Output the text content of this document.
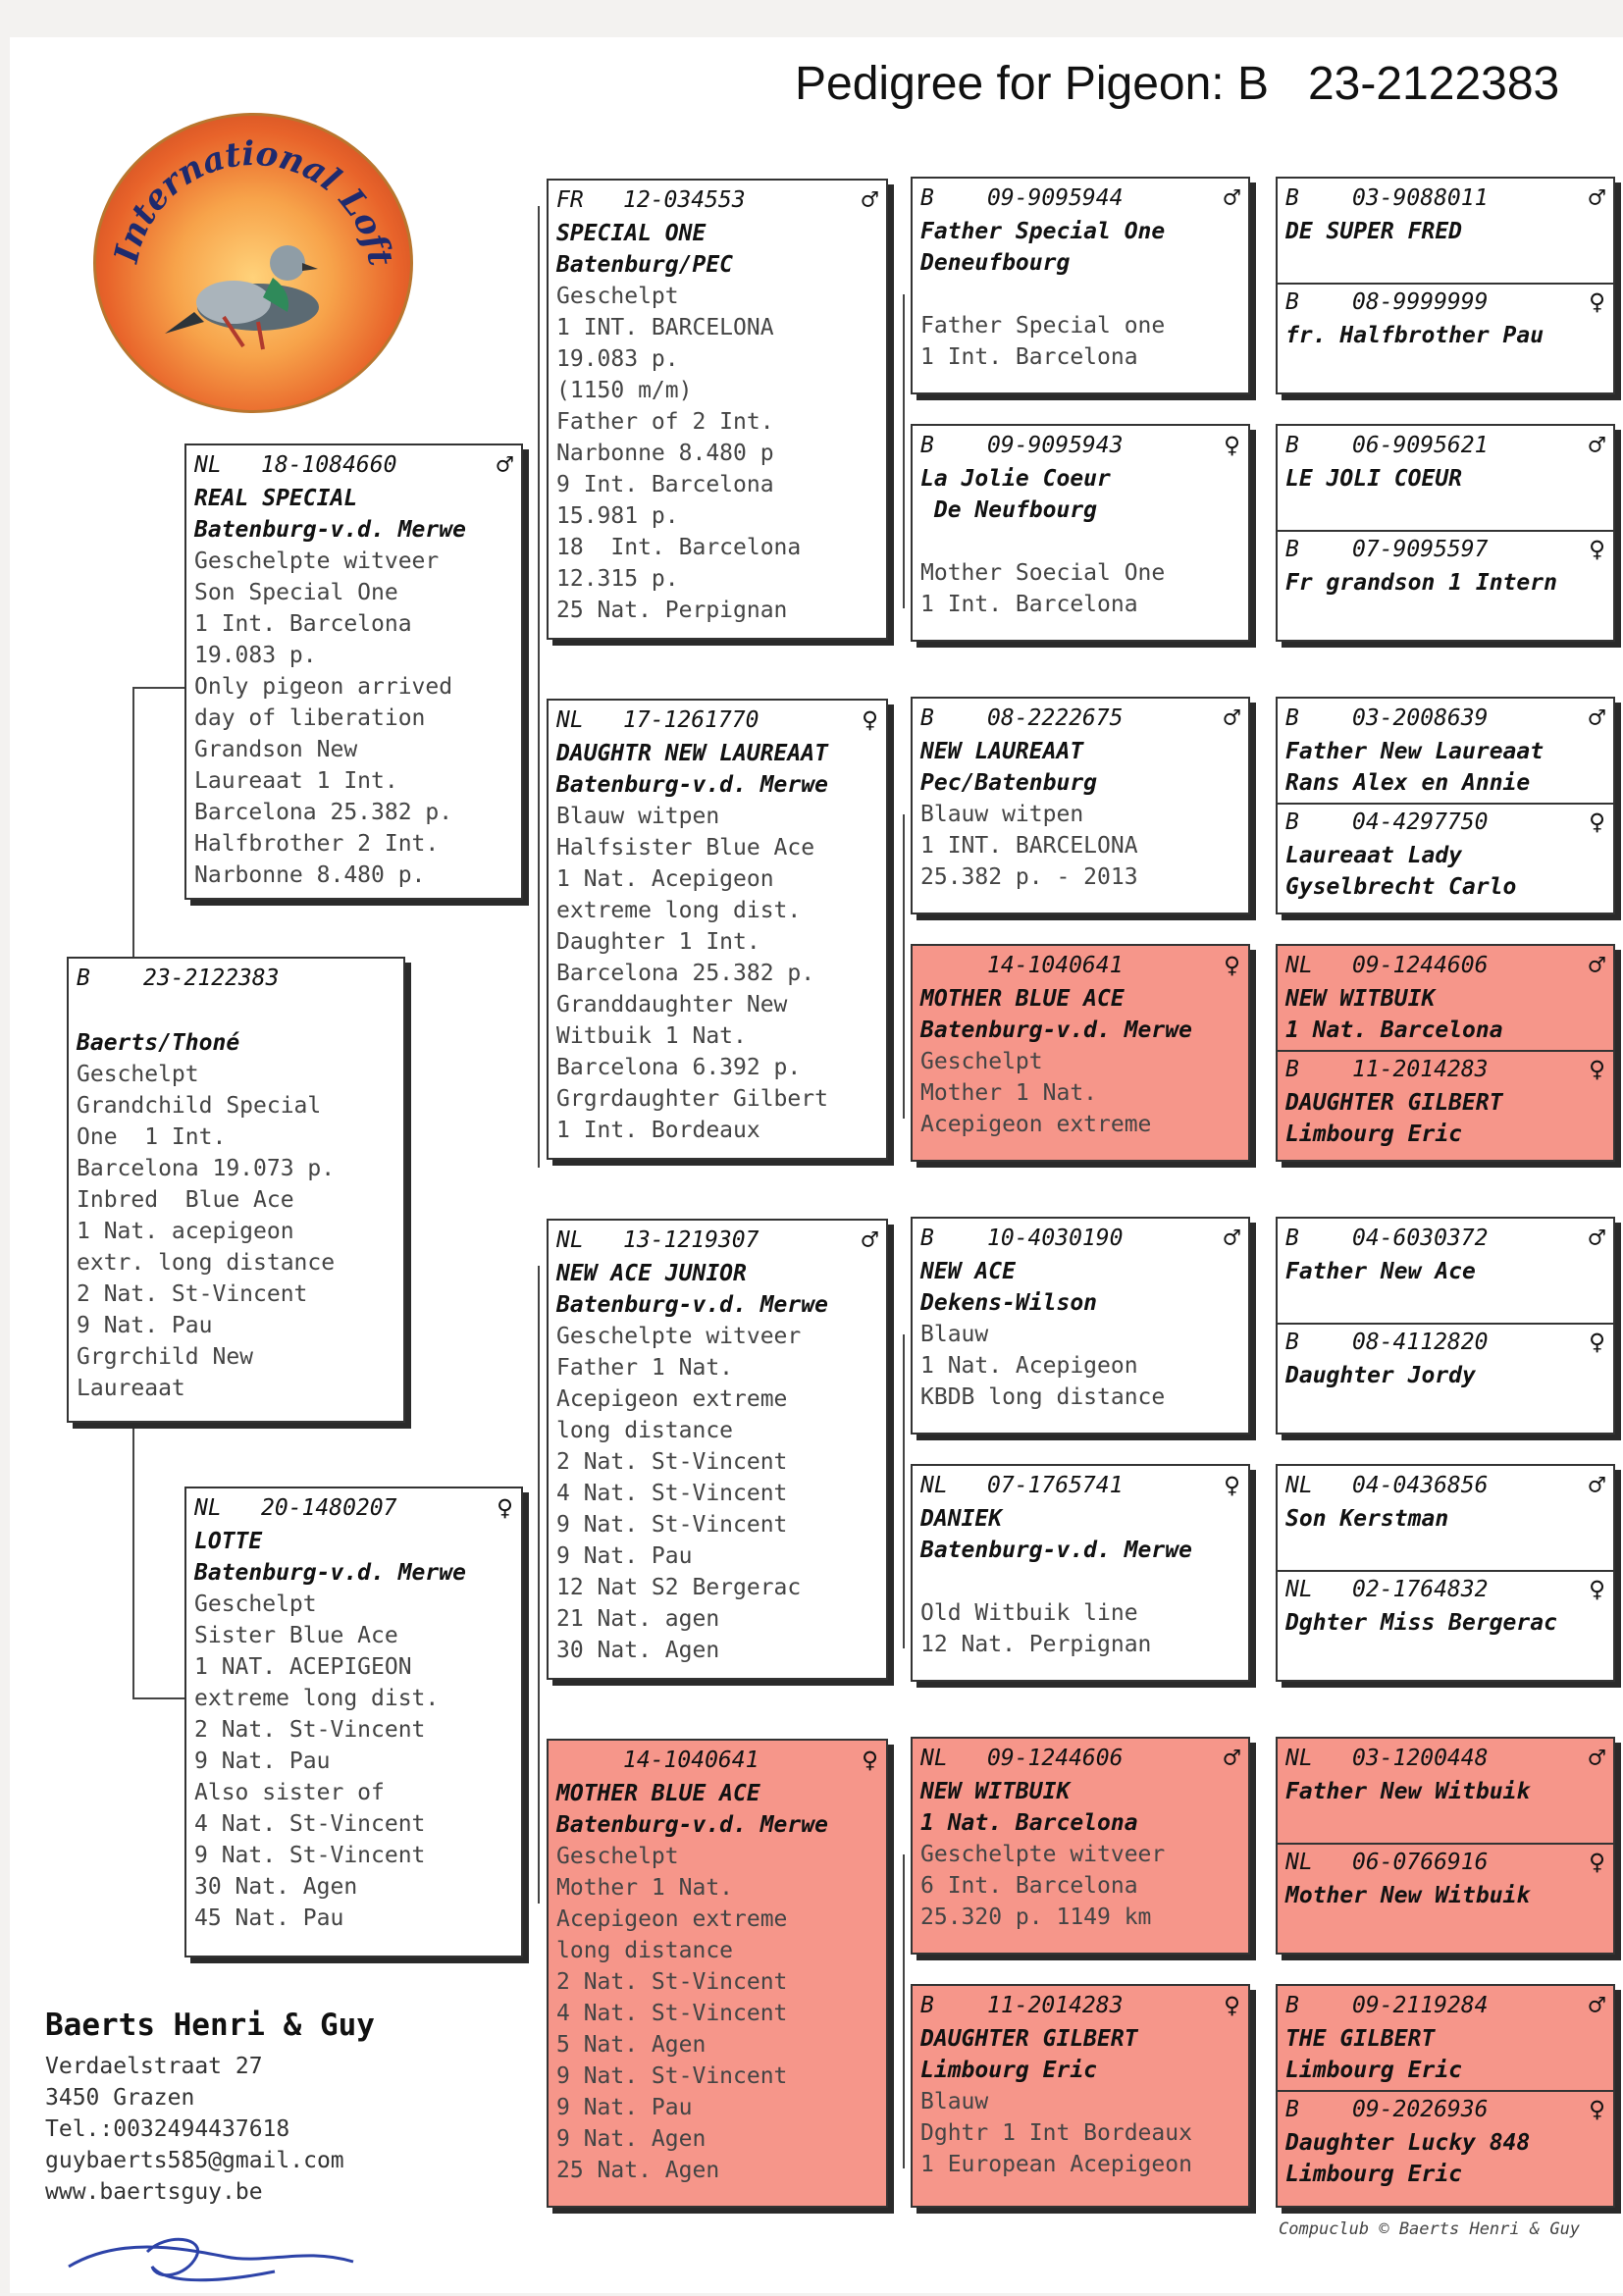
Pedigree for Pigeon: B   23-2122383
International Loft
B	23-2122383
Baerts/Thoné
Geschelpt
Grandchild Special
One  1 Int.
Barcelona 19.073 p.
Inbred  Blue Ace
1 Nat. acepigeon
extr. long distance
2 Nat. St-Vincent
9 Nat. Pau
Grgrchild New
Laureaat
NL	18-1084660	♂
REAL SPECIAL
Batenburg-v.d. Merwe
Geschelpte witveer
Son Special One
1 Int. Barcelona
19.083 p.
Only pigeon arrived
day of liberation
Grandson New
Laureaat 1 Int.
Barcelona 25.382 p.
Halfbrother 2 Int.
Narbonne 8.480 p.
NL	20-1480207	♀
LOTTE
Batenburg-v.d. Merwe
Geschelpt
Sister Blue Ace
1 NAT. ACEPIGEON
extreme long dist.
2 Nat. St-Vincent
9 Nat. Pau
Also sister of
4 Nat. St-Vincent
9 Nat. St-Vincent
30 Nat. Agen
45 Nat. Pau
FR	12-034553	♂
SPECIAL ONE
Batenburg/PEC
Geschelpt
1 INT. BARCELONA
19.083 p.
(1150 m/m)
Father of 2 Int.
Narbonne 8.480 p
9 Int. Barcelona
15.981 p.
18  Int. Barcelona
12.315 p.
25 Nat. Perpignan
NL	17-1261770	♀
DAUGHTR NEW LAUREAAT
Batenburg-v.d. Merwe
Blauw witpen
Halfsister Blue Ace
1 Nat. Acepigeon
extreme long dist.
Daughter 1 Int.
Barcelona 25.382 p.
Granddaughter New
Witbuik 1 Nat.
Barcelona 6.392 p.
Grgrdaughter Gilbert
1 Int. Bordeaux
NL	13-1219307	♂
NEW ACE JUNIOR
Batenburg-v.d. Merwe
Geschelpte witveer
Father 1 Nat.
Acepigeon extreme
long distance
2 Nat. St-Vincent
4 Nat. St-Vincent
9 Nat. St-Vincent
9 Nat. Pau
12 Nat S2 Bergerac
21 Nat. agen
30 Nat. Agen
14-1040641	♀
MOTHER BLUE ACE
Batenburg-v.d. Merwe
Geschelpt
Mother 1 Nat.
Acepigeon extreme
long distance
2 Nat. St-Vincent
4 Nat. St-Vincent
5 Nat. Agen
9 Nat. St-Vincent
9 Nat. Pau
9 Nat. Agen
25 Nat. Agen
B	09-9095944	♂
Father Special One
Deneufbourg
Father Special one
1 Int. Barcelona
B	09-9095943	♀
La Jolie Coeur
De Neufbourg
Mother Soecial One
1 Int. Barcelona
B	08-2222675	♂
NEW LAUREAAT
Pec/Batenburg
Blauw witpen
1 INT. BARCELONA
25.382 p. - 2013
14-1040641	♀
MOTHER BLUE ACE
Batenburg-v.d. Merwe
Geschelpt
Mother 1 Nat.
Acepigeon extreme
B	10-4030190	♂
NEW ACE
Dekens-Wilson
Blauw
1 Nat. Acepigeon
KBDB long distance
NL	07-1765741	♀
DANIEK
Batenburg-v.d. Merwe
Old Witbuik line
12 Nat. Perpignan
NL	09-1244606	♂
NEW WITBUIK
1 Nat. Barcelona
Geschelpte witveer
6 Int. Barcelona
25.320 p. 1149 km
B	11-2014283	♀
DAUGHTER GILBERT
Limbourg Eric
Blauw
Dghtr 1 Int Bordeaux
1 European Acepigeon
B	03-9088011	♂
DE SUPER FRED
B	08-9999999	♀
fr. Halfbrother Pau
B	06-9095621	♂
LE JOLI COEUR
B	07-9095597	♀
Fr grandson 1 Intern
B	03-2008639	♂
Father New Laureaat
Rans Alex en Annie
B	04-4297750	♀
Laureaat Lady
Gyselbrecht Carlo
NL	09-1244606	♂
NEW WITBUIK
1 Nat. Barcelona
B	11-2014283	♀
DAUGHTER GILBERT
Limbourg Eric
B	04-6030372	♂
Father New Ace
B	08-4112820	♀
Daughter Jordy
NL	04-0436856	♂
Son Kerstman
NL	02-1764832	♀
Dghter Miss Bergerac
NL	03-1200448	♂
Father New Witbuik
NL	06-0766916	♀
Mother New Witbuik
B	09-2119284	♂
THE GILBERT
Limbourg Eric
B	09-2026936	♀
Daughter Lucky 848
Limbourg Eric
Baerts Henri & Guy
Verdaelstraat 27
3450 Grazen
Tel.:0032494437618
guybaerts585@gmail.com
www.baertsguy.be
Compuclub © Baerts Henri & Guy
